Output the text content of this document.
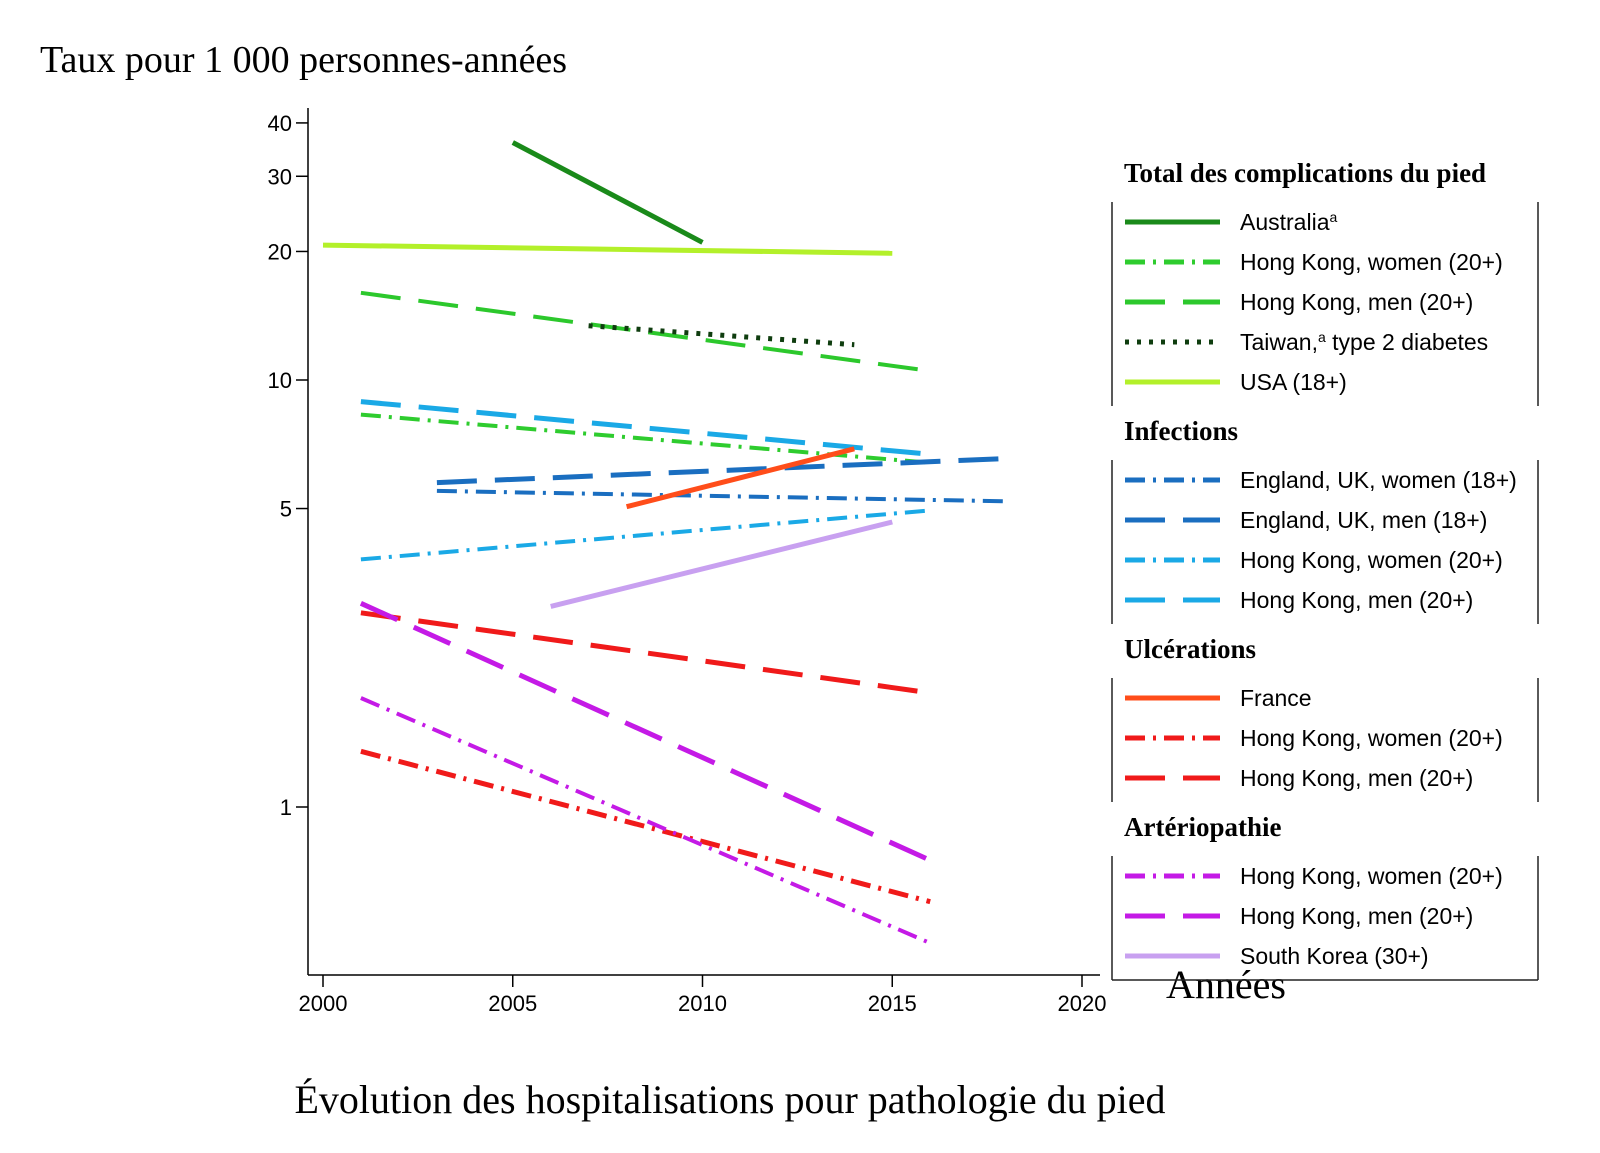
Taux pour 1 000 personnes-années
40
30
20
10
5
1
2000	2005	2010	2015	2020 Années
Total des complications du pied
Australia$^a$
Hong Kong, women (20+)
Hong Kong, men (20+)
Taiwan,$^a$ type 2 diabetes
USA (18+)
Infections
England, UK, women (18+)
England, UK, men (18+)
Hong Kong, women (20+)
Hong Kong, men (20+)
Ulcérations
France
Hong Kong, women (20+)
Hong Kong, men (20+)
Artériopathie
Hong Kong, women (20+)
Hong Kong, men (20+)
South Korea (30+)
Évolution des hospitalisations pour pathologie du pied
